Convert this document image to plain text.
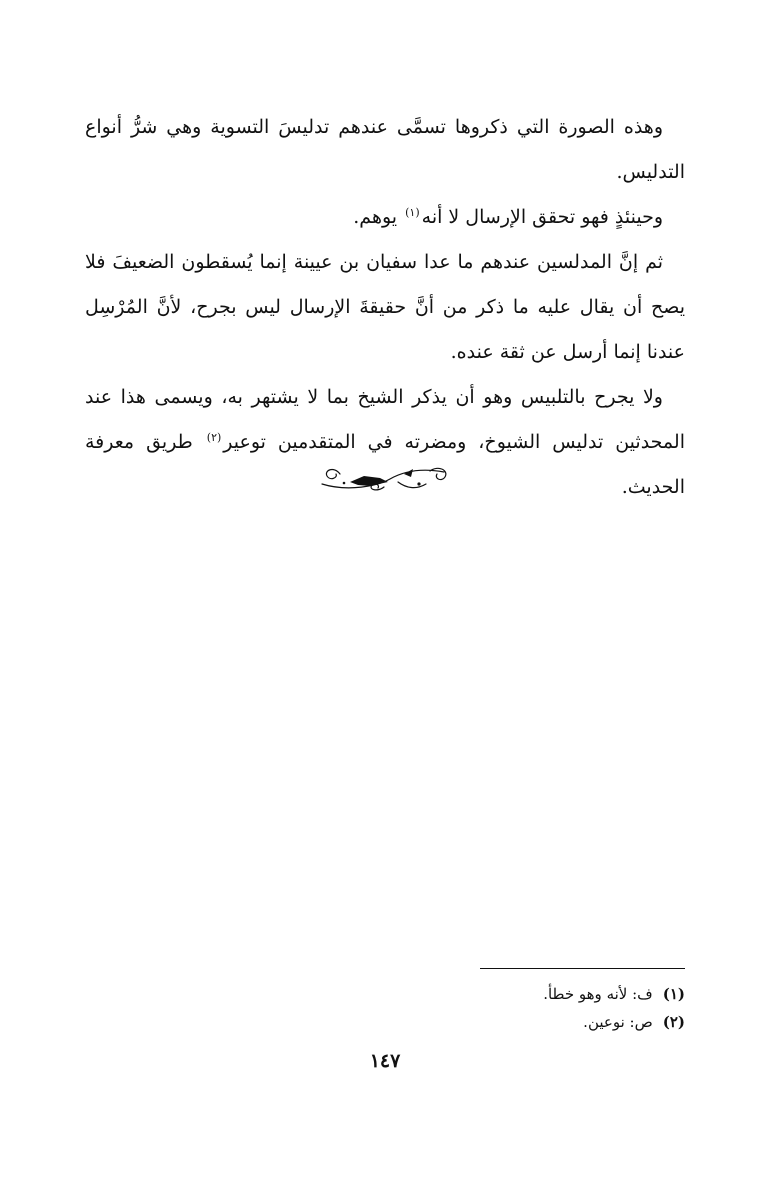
وهذه الصورة التي ذكروها تسمَّى عندهم تدليسَ التسوية وهي شرُّ أنواع التدليس.

وحينئذٍ فهو تحقق الإرسال لا أنه$^{(١)}$ يوهم.

ثم إنَّ المدلسين عندهم ما عدا سفيان بن عيينة إنما يُسقطون الضعيفَ فلا يصح أن يقال عليه ما ذكر من أنَّ حقيقةَ الإرسال ليس بجرح، لأنَّ المُرْسِل عندنا إنما أرسل عن ثقة عنده.

ولا يجرح بالتلبيس وهو أن يذكر الشيخ بما لا يشتهر به، ويسمى هذا عند المحدثين تدليس الشيوخ، ومضرته في المتقدمين توعير$^{(٢)}$ طريق معرفة الحديث.

(١)ف: لأنه وهو خطأ.

(٢)ص: نوعين.

١٤٧
